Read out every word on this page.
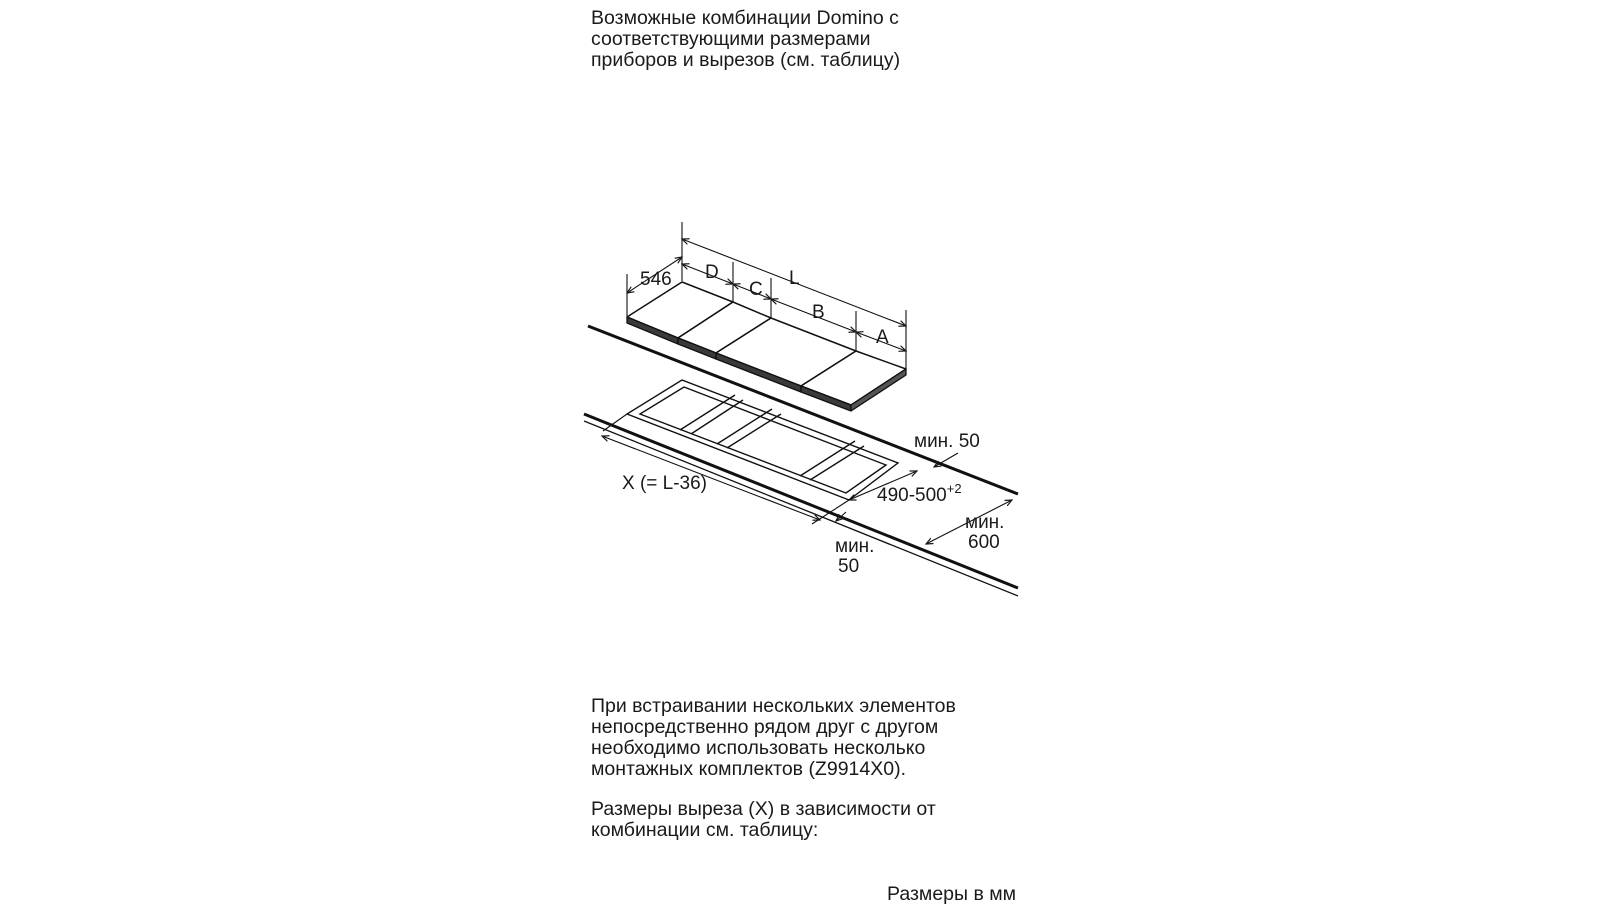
Возможные комбинации Domino с
соответствующими размерами
приборов и вырезов (см. таблицу)
546 D
C
L
B
A
мин. 50
$490-500^{+2}$
мин. 600
X (= L-36)
мин. 50
При встраивании нескольких элементов
непосредственно рядом друг с другом
необходимо использовать несколько
монтажных комплектов (Z9914X0).
Размеры выреза (X) в зависимости от
комбинации см. таблицу:
Размеры в мм
